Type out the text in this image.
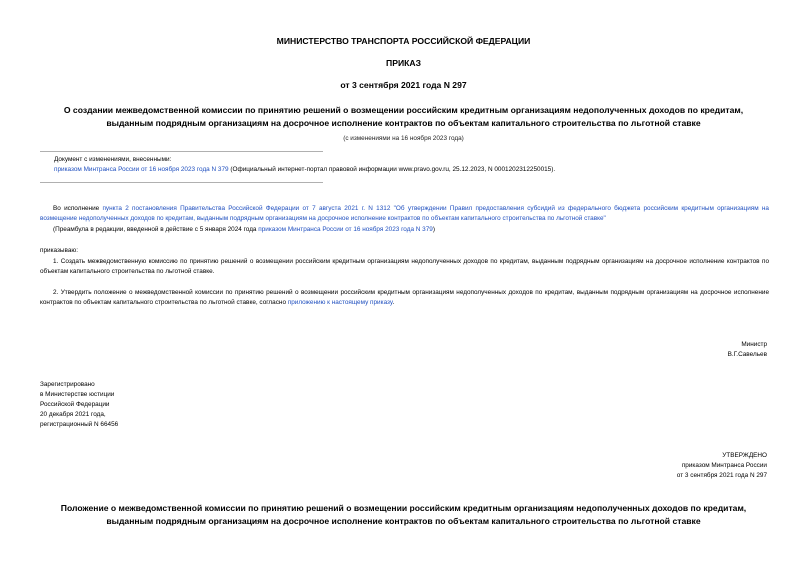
МИНИСТЕРСТВО ТРАНСПОРТА РОССИЙСКОЙ ФЕДЕРАЦИИ
ПРИКАЗ
от 3 сентября 2021 года N 297
О создании межведомственной комиссии по принятию решений о возмещении российским кредитным организациям недополученных доходов по кредитам,
выданным подрядным организациям на досрочное исполнение контрактов по объектам капитального строительства по льготной ставке
(с изменениями на 16 ноября 2023 года)
Документ с изменениями, внесенными:
приказом Минтранса России от 16 ноября 2023 года N 379 (Официальный интернет-портал правовой информации www.pravo.gov.ru, 25.12.2023, N 0001202312250015).
Во исполнение пункта 2 постановления Правительства Российской Федерации от 7 августа 2021 г. N 1312 "Об утверждении Правил предоставления субсидий из федерального бюджета российским кредитным организациям на возмещение недополученных доходов по кредитам, выданным подрядным организациям на досрочное исполнение контрактов по объектам капитального строительства по льготной ставке"
(Преамбула в редакции, введенной в действие с 5 января 2024 года приказом Минтранса России от 16 ноября 2023 года N 379)
приказываю:
1. Создать межведомственную комиссию по принятию решений о возмещении российским кредитным организациям недополученных доходов по кредитам, выданным подрядным организациям на досрочное исполнение контрактов по объектам капитального строительства по льготной ставке.
2. Утвердить положение о межведомственной комиссии по принятию решений о возмещении российским кредитным организациям недополученных доходов по кредитам, выданным подрядным организациям на досрочное исполнение контрактов по объектам капитального строительства по льготной ставке, согласно приложению к настоящему приказу.
Министр
В.Г.Савельев
Зарегистрировано
в Министерстве юстиции
Российской Федерации
20 декабря 2021 года,
регистрационный N 66456
УТВЕРЖДЕНО
приказом Минтранса России
от 3 сентября 2021 года N 297
Положение о межведомственной комиссии по принятию решений о возмещении российским кредитным организациям недополученных доходов по кредитам,
выданным подрядным организациям на досрочное исполнение контрактов по объектам капитального строительства по льготной ставке
